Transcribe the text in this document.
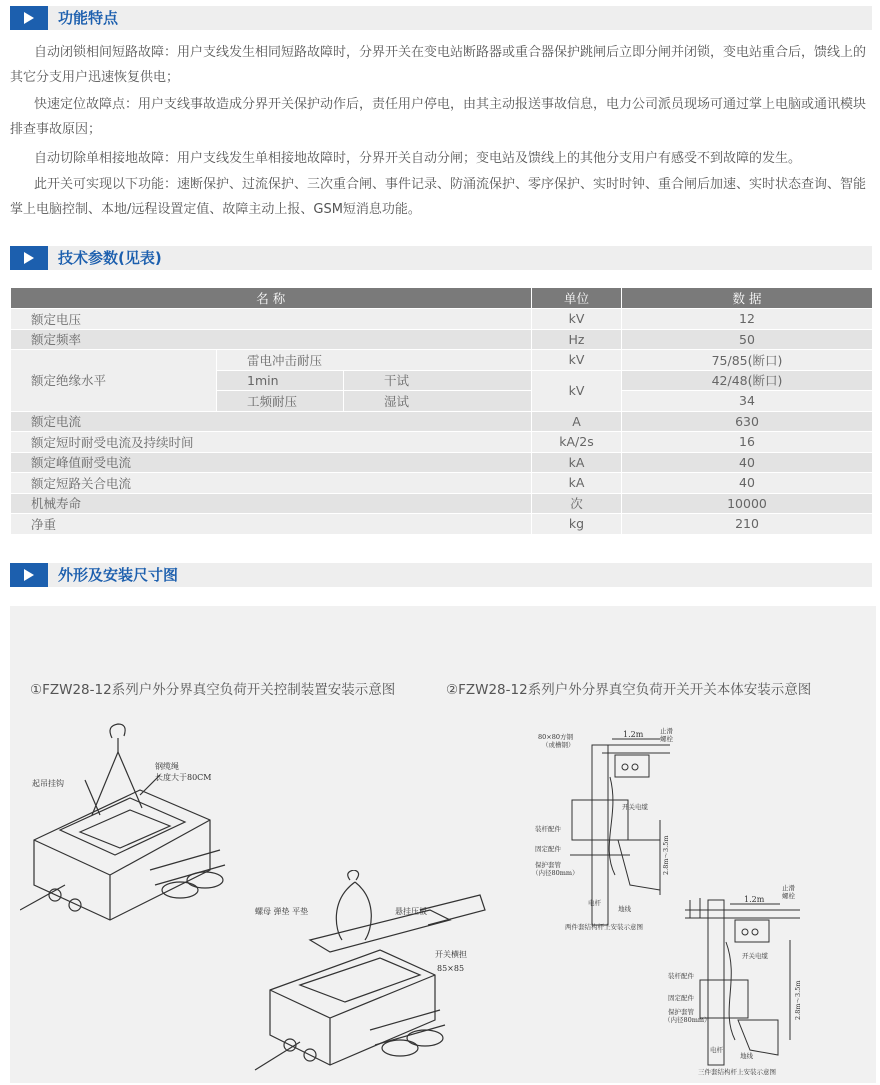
功能特点
自动闭锁相间短路故障：用户支线发生相同短路故障时，分界开关在变电站断路器或重合器保护跳闸后立即分闸并闭锁，变电站重合后，馈线上的其它分支用户迅速恢复供电；
快速定位故障点：用户支线事故造成分界开关保护动作后，责任用户停电，由其主动报送事故信息，电力公司派员现场可通过掌上电脑或通讯模块排查事故原因；
自动切除单相接地故障：用户支线发生单相接地故障时，分界开关自动分闸；变电站及馈线上的其他分支用户有感受不到故障的发生。
此开关可实现以下功能：速断保护、过流保护、三次重合闸、事件记录、防涌流保护、零序保护、实时时钟、重合闸后加速、实时状态查询、智能掌上电脑控制、本地/远程设置定值、故障主动上报、GSM短消息功能。
技术参数(见表)
名 称			单位	数 据
额定电压			kV	12
额定频率			Hz	50
额定绝缘水平	雷电冲击耐压		kV	75/85(断口)
	1min	干试	kV	42/48(断口)
	工频耐压	湿试		34
额定电流			A	630
额定短时耐受电流及持续时间			kA/2s	16
额定峰值耐受电流			kA	40
额定短路关合电流			kA	40
机械寿命			次	10000
净重			kg	210
外形及安装尺寸图
①FZW28-12系列户外分界真空负荷开关控制装置安装示意图	②FZW28-12系列户外分界真空负荷开关开关本体安装示意图
起吊挂钩
钢缆绳
长度大于80CM
螺母 弹垫 平垫	悬挂压板
开关横担
85×85
80×80方钢
（或槽钢）
1.2m	止滑
螺栓
开关电缆
装杆配件
固定配件
保护套管
（内径80mm）
电杆
地线
2.8m～3.5m
两件套结构杆上安装示意图
1.2m
止滑
螺栓
开关电缆
装杆配件
固定配件
保护套管
（内径80mm）
电杆
地线
2.8m～3.5m
三件套结构杆上安装示意图
